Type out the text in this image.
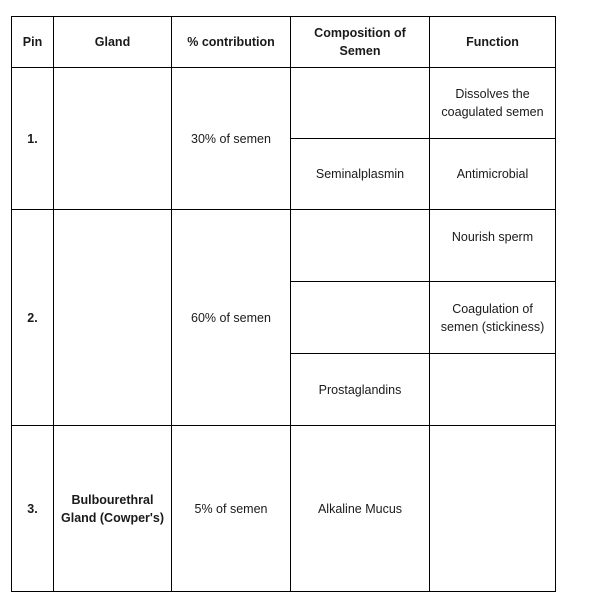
Pin	Gland	% contribution	Composition of Semen	Function
1.		30% of semen		Dissolves the coagulated semen
			Seminalplasmin	Antimicrobial
2.		60% of semen		Nourish sperm
				Coagulation of semen (stickiness)
			Prostaglandins	
3.	Bulbourethral Gland (Cowper's)	5% of semen	Alkaline Mucus	
